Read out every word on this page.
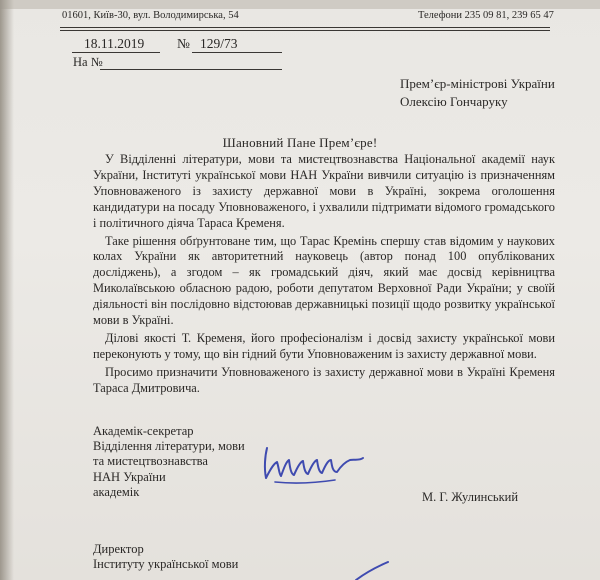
01601, Київ-30, вул. Володимирська, 54	Телефони 235 09 81, 239 65 47
18.11.2019 № 129/73
На №
Прем’єр-міністрові України
Олексію Гончаруку
Шановний Пане Прем’єре!

У Відділенні літератури, мови та мистецтвознавства Національної академії наук України, Інституті української мови НАН України вивчили ситуацію із призначенням Уповноваженого із захисту державної мови в Україні, зокрема оголошення кандидатури на посаду Уповноваженого, і ухвалили підтримати відомого громадського і політичного діяча Тараса Кременя.

Таке рішення обґрунтоване тим, що Тарас Кремінь спершу став відомим у наукових колах України як авторитетний науковець (автор понад 100 опублікованих досліджень), а згодом – як громадський діяч, який має досвід керівництва Миколаївською обласною радою, роботи депутатом Верховної Ради України; у своїй діяльності він послідовно відстоював державницькі позиції щодо розвитку української мови в Україні.

Ділові якості Т. Кременя, його професіоналізм і досвід захисту української мови переконують у тому, що він гідний бути Уповноваженим із захисту державної мови.

Просимо призначити Уповноваженого із захисту державної мови в Україні Кременя Тараса Дмитровича.

Академік-секретар
Відділення літератури, мови
та мистецтвознавства
НАН України
академік	М. Г. Жулинський
Директор
Інституту української мови
